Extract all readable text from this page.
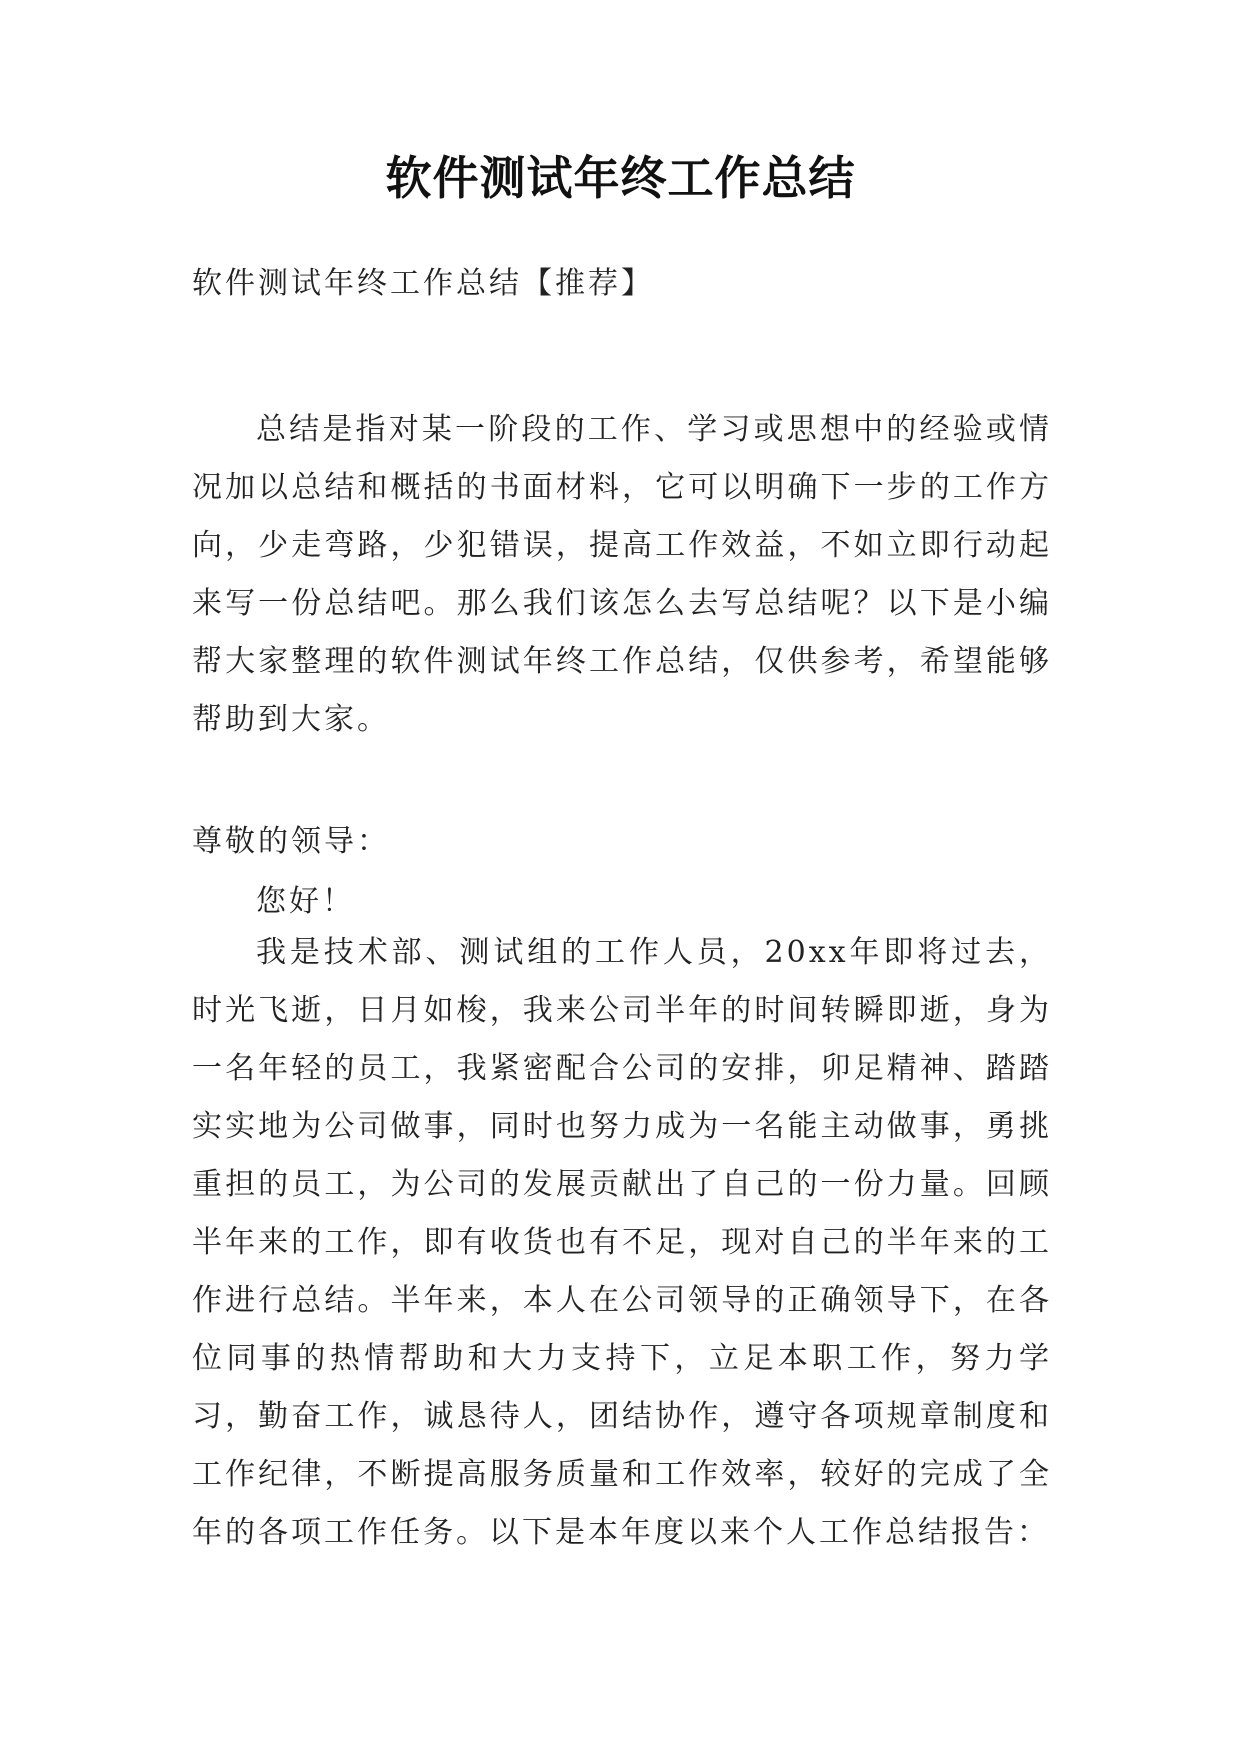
软件测试年终工作总结
软件测试年终工作总结【推荐】

总结是指对某一阶段的工作、学习或思想中的经验或情况加以总结和概括的书面材料，它可以明确下一步的工作方向，少走弯路，少犯错误，提高工作效益，不如立即行动起来写一份总结吧。那么我们该怎么去写总结呢？以下是小编帮大家整理的软件测试年终工作总结，仅供参考，希望能够帮助到大家。

尊敬的领导：
您好！

我是技术部、测试组的工作人员，20xx年即将过去，时光飞逝，日月如梭，我来公司半年的时间转瞬即逝，身为一名年轻的员工，我紧密配合公司的安排，卯足精神、踏踏实实地为公司做事，同时也努力成为一名能主动做事，勇挑重担的员工，为公司的发展贡献出了自己的一份力量。回顾半年来的工作，即有收货也有不足，现对自己的半年来的工作进行总结。半年来，本人在公司领导的正确领导下，在各位同事的热情帮助和大力支持下，立足本职工作，努力学习，勤奋工作，诚恳待人，团结协作，遵守各项规章制度和工作纪律，不断提高服务质量和工作效率，较好的完成了全年的各项工作任务。以下是本年度以来个人工作总结报告：
